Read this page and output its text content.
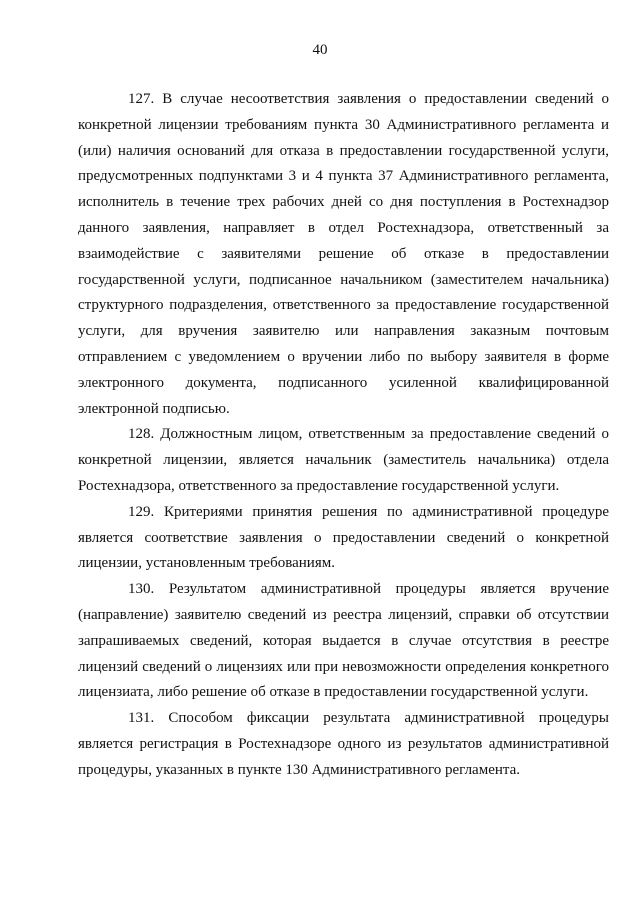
40

127. В случае несоответствия заявления о предоставлении сведений о конкретной лицензии требованиям пункта 30 Административного регламента и (или) наличия оснований для отказа в предоставлении государственной услуги, предусмотренных подпунктами 3 и 4 пункта 37 Административного регламента, исполнитель в течение трех рабочих дней со дня поступления в Ростехнадзор данного заявления, направляет в отдел Ростехнадзора, ответственный за взаимодействие с заявителями решение об отказе в предоставлении государственной услуги, подписанное начальником (заместителем начальника) структурного подразделения, ответственного за предоставление государственной услуги, для вручения заявителю или направления заказным почтовым отправлением с уведомлением о вручении либо по выбору заявителя в форме электронного документа, подписанного усиленной квалифицированной электронной подписью.

128. Должностным лицом, ответственным за предоставление сведений о конкретной лицензии, является начальник (заместитель начальника) отдела Ростехнадзора, ответственного за предоставление государственной услуги.

129. Критериями принятия решения по административной процедуре является соответствие заявления о предоставлении сведений о конкретной лицензии, установленным требованиям.

130. Результатом административной процедуры является вручение (направление) заявителю сведений из реестра лицензий, справки об отсутствии запрашиваемых сведений, которая выдается в случае отсутствия в реестре лицензий сведений о лицензиях или при невозможности определения конкретного лицензиата, либо решение об отказе в предоставлении государственной услуги.

131. Способом фиксации результата административной процедуры является регистрация в Ростехнадзоре одного из результатов административной процедуры, указанных в пункте 130 Административного регламента.
